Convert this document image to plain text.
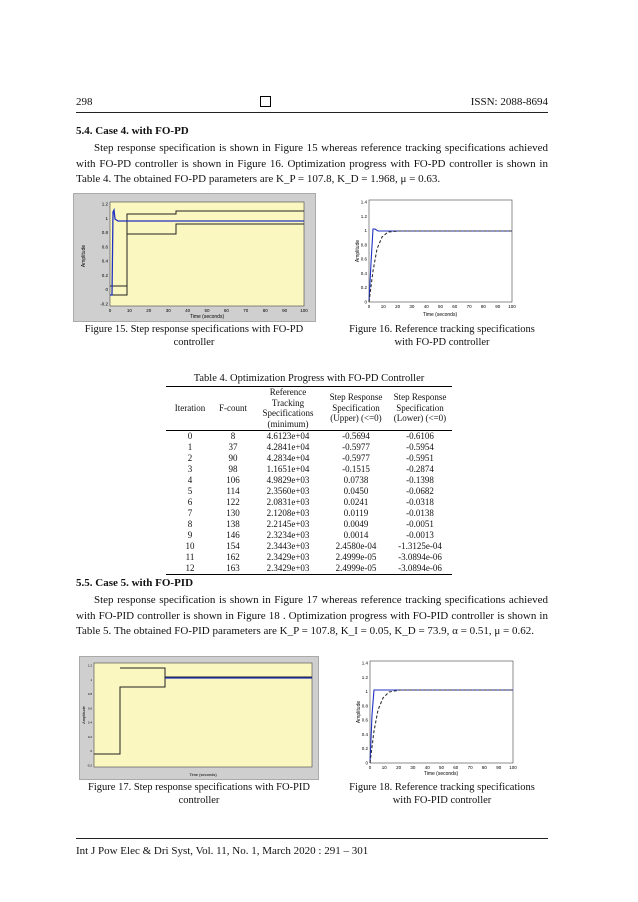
298	ISSN: 2088-8694
5.4. Case 4. with FO-PD

Step response specification is shown in Figure 15 whereas reference tracking specifications achieved with FO-PD controller is shown in Figure 16. Optimization progress with FO-PD controller is shown in Table 4. The obtained FO-PD parameters are K_P = 107.8, K_D = 1.968, μ = 0.63.

1.2
1
0.8
0.6
0.4
0.2
0
-0.2
0	10	20	30	40	50	60	70	80	90	100
Amplitude
Time (seconds)
Figure 15. Step response specifications with FO-PD controller
1.4
1.2
1
0.8
0.6
0.4
0.2
0
0 10 20 30 40 50 60 70 80 90 100
Amplitude
Time (seconds)
Figure 16. Reference tracking specifications with FO-PD controller
Table 4. Optimization Progress with FO-PD Controller
Iteration	F-count	Reference Tracking Specifications (minimum)	Step Response Specification (Upper) (<=0)	Step Response Specification (Lower) (<=0)

0	8	4.6123e+04	-0.5694	-0.6106
1	37	4.2841e+04	-0.5977	-0.5954
2	90	4.2834e+04	-0.5977	-0.5951
3	98	1.1651e+04	-0.1515	-0.2874
4	106	4.9829e+03	0.0738	-0.1398
5	114	2.3560e+03	0.0450	-0.0682
6	122	2.0831e+03	0.0241	-0.0318
7	130	2.1208e+03	0.0119	-0.0138
8	138	2.2145e+03	0.0049	-0.0051
9	146	2.3234e+03	0.0014	-0.0013
10	154	2.3443e+03	2.4580e-04	-1.3125e-04
11	162	2.3429e+03	2.4999e-05	-3.0894e-06
12	163	2.3429e+03	2.4999e-05	-3.0894e-06
5.5. Case 5. with FO-PID

Step response specification is shown in Figure 17 whereas reference tracking specifications achieved with FO-PID controller is shown in Figure 18 . Optimization progress with FO-PID controller is shown in Table 5. The obtained FO-PID parameters are K_P = 107.8, K_I = 0.05, K_D = 73.9, α = 0.51, μ = 0.62.

1.2
1
0.8
0.6
0.4
0.2
0
-0.2
Amplitude
Time (seconds)
Figure 17. Step response specifications with FO-PID controller
1.4
1.2
1
0.8
0.6
0.4
0.2
0
0 10 20 30 40 50 60 70 80 90 100
Amplitude
Time (seconds)
Figure 18. Reference tracking specifications with FO-PID controller
Int J Pow Elec & Dri Syst, Vol. 11, No. 1, March 2020 : 291 – 301
